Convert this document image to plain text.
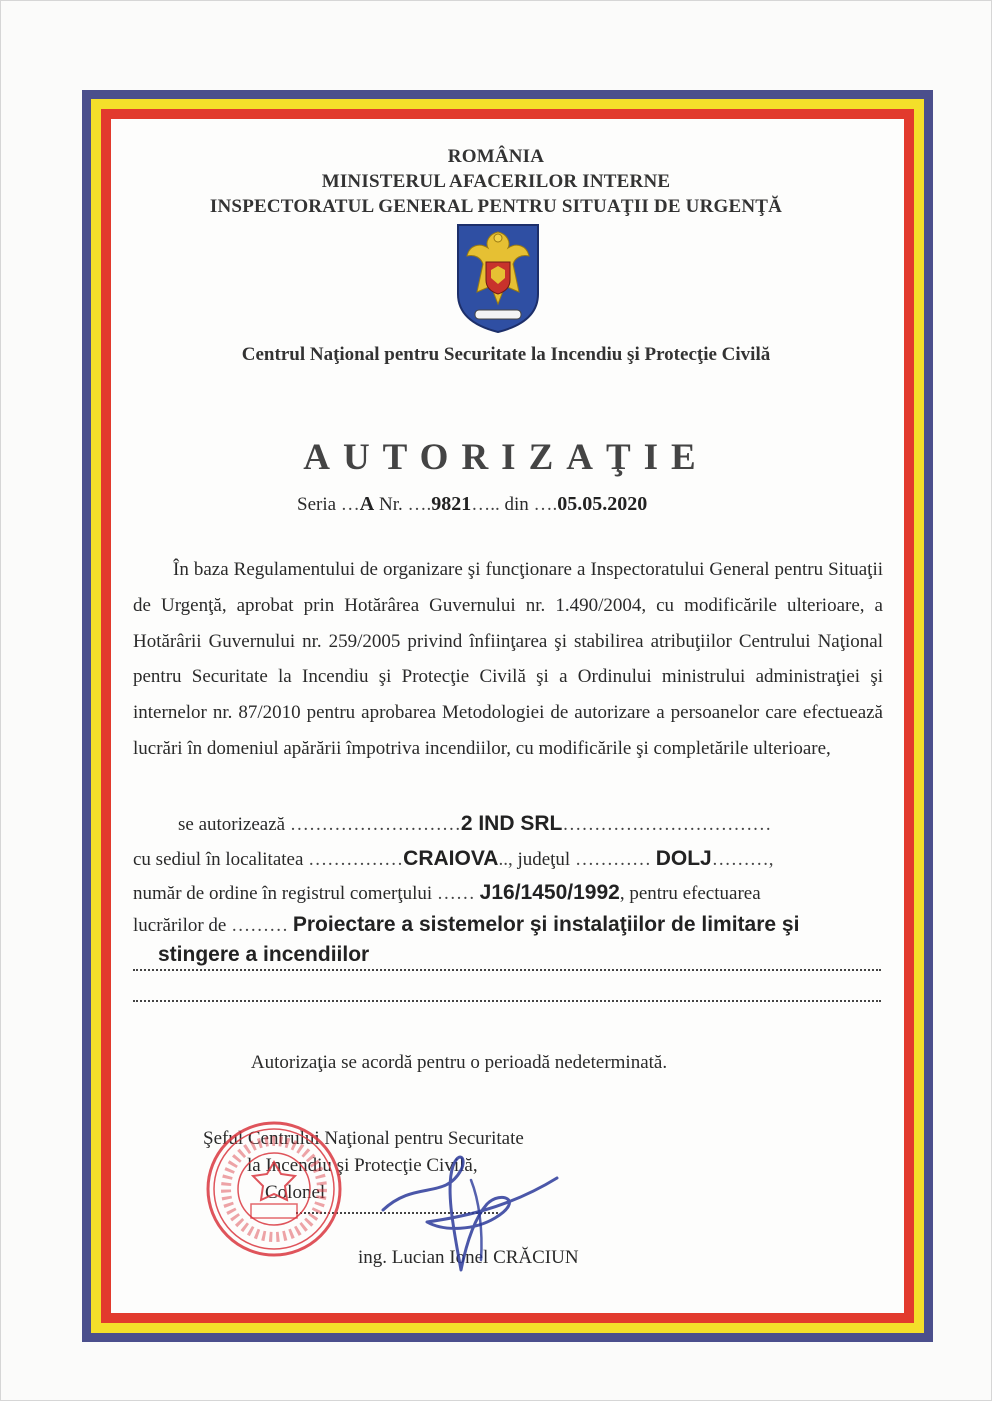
ROMÂNIA
MINISTERUL AFACERILOR INTERNE
INSPECTORATUL GENERAL PENTRU SITUAŢII DE URGENŢĂ
Centrul Naţional pentru Securitate la Incendiu şi Protecţie Civilă
AUTORIZAŢIE
Seria …A Nr. ….9821….. din ….05.05.2020

În baza Regulamentului de organizare şi funcţionare a Inspectoratului General pentru Situaţii de Urgenţă, aprobat prin Hotărârea Guvernului nr. 1.490/2004, cu modificările ulterioare, a Hotărârii Guvernului nr. 259/2005 privind înfiinţarea şi stabilirea atribuţiilor Centrului Naţional pentru Securitate la Incendiu şi Protecţie Civilă şi a Ordinului ministrului administraţiei şi internelor nr. 87/2010 pentru aprobarea Metodologiei de autorizare a persoanelor care efectuează lucrări în domeniul apărării împotriva incendiilor, cu modificările şi completările ulterioare,

se autorizează ………………………2 IND SRL……………………………
cu sediul în localitatea ……………CRAIOVA.., judeţul ………… DOLJ………,
număr de ordine în registrul comerţului …… J16/1450/1992, pentru efectuarea
lucrărilor de ……… Proiectare a sistemelor şi instalaţiilor de limitare şi
stingere a incendiilor
Autorizaţia se acordă pentru o perioadă nedeterminată.
Şeful Centrului Naţional pentru Securitate
la Incendiu şi Protecţie Civilă,
Colonel
ing. Lucian Ionel CRĂCIUN
